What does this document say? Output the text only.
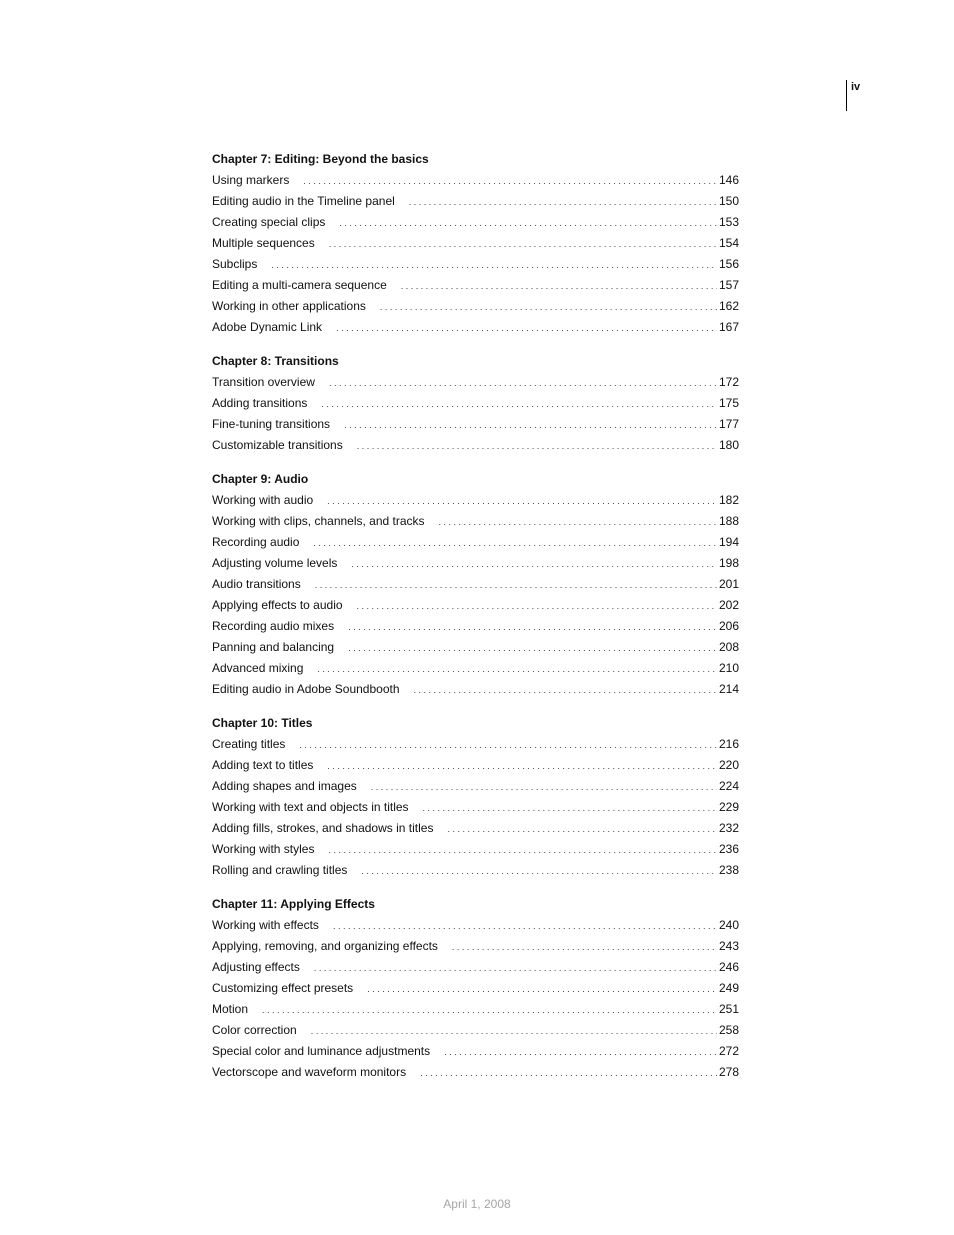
iv
Chapter 7: Editing: Beyond the basics
Using markers . . .	146
Editing audio in the Timeline panel . . .	150
Creating special clips . . .	153
Multiple sequences . . .	154
Subclips . . .	156
Editing a multi-camera sequence . . .	157
Working in other applications . . .	162
Adobe Dynamic Link . . .	167
Chapter 8: Transitions
Transition overview . . .	172
Adding transitions . . .	175
Fine-tuning transitions . . .	177
Customizable transitions . . .	180
Chapter 9: Audio
Working with audio . . .	182
Working with clips, channels, and tracks . . .	188
Recording audio . . .	194
Adjusting volume levels . . .	198
Audio transitions . . .	201
Applying effects to audio . . .	202
Recording audio mixes . . .	206
Panning and balancing . . .	208
Advanced mixing . . .	210
Editing audio in Adobe Soundbooth . . .	214
Chapter 10: Titles
Creating titles . . .	216
Adding text to titles . . .	220
Adding shapes and images . . .	224
Working with text and objects in titles . . .	229
Adding fills, strokes, and shadows in titles . . .	232
Working with styles . . .	236
Rolling and crawling titles . . .	238
Chapter 11: Applying Effects
Working with effects . . .	240
Applying, removing, and organizing effects . . .	243
Adjusting effects . . .	246
Customizing effect presets . . .	249
Motion . . .	251
Color correction . . .	258
Special color and luminance adjustments . . .	272
Vectorscope and waveform monitors . . .	278
April 1, 2008
